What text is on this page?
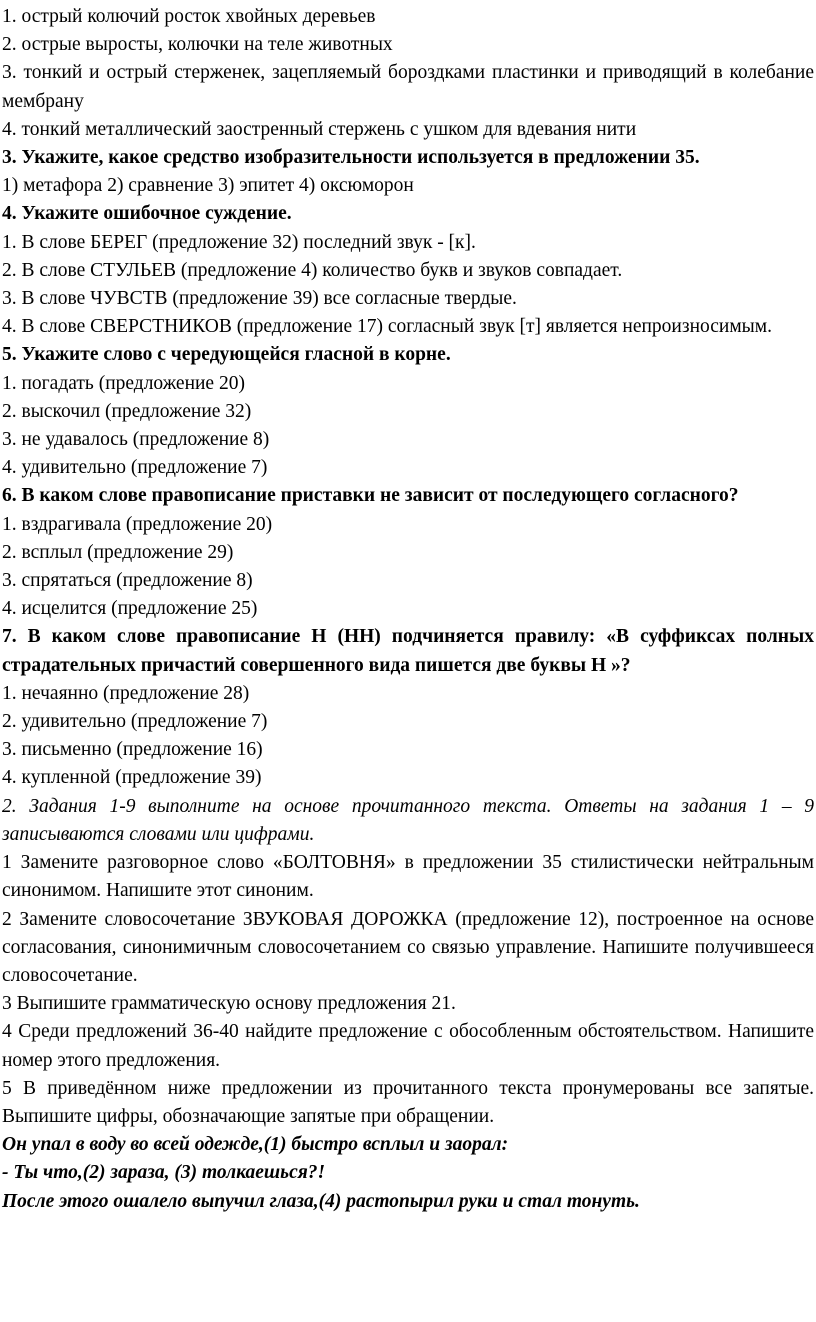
1. острый колючий росток хвойных деревьев

2. острые выросты, колючки на теле животных

3. тонкий и острый стерженек, зацепляемый бороздками пластинки и приводящий в колебание мембрану

4. тонкий металлический заостренный стержень с ушком для вдевания нити

3. Укажите, какое средство изобразительности используется в предложении 35.

1) метафора 2) сравнение 3) эпитет 4) оксюморон

4. Укажите ошибочное суждение.

1. В слове БЕРЕГ (предложение 32) последний звук - [к].

2. В слове СТУЛЬЕВ (предложение 4) количество букв и звуков совпадает.

3. В слове ЧУВСТВ (предложение 39) все согласные твердые.

4. В слове СВЕРСТНИКОВ (предложение 17) согласный звук [т] является непроизносимым.

5. Укажите слово с чередующейся гласной в корне.

1. погадать (предложение 20)

2. выскочил (предложение 32)

3. не удавалось (предложение 8)

4. удивительно (предложение 7)

6. В каком слове правописание приставки не зависит от последующего согласного?

1. вздрагивала (предложение 20)

2. всплыл (предложение 29)

3. спрятаться (предложение 8)

4. исцелится (предложение 25)

7. В каком слове правописание Н (НН) подчиняется правилу: «В суффиксах полных страдательных причастий совершенного вида пишется две буквы Н »?

1. нечаянно (предложение 28)

2. удивительно (предложение 7)

3. письменно (предложение 16)

4. купленной (предложение 39)

2. Задания 1-9 выполните на основе прочитанного текста. Ответы на задания 1 – 9 записываются словами или цифрами.

1 Замените разговорное слово «БОЛТОВНЯ» в предложении 35 стилистически нейтральным синонимом. Напишите этот синоним.

2 Замените словосочетание ЗВУКОВАЯ ДОРОЖКА (предложение 12), построенное на основе согласования, синонимичным словосочетанием со связью управление. Напишите получившееся словосочетание.

3 Выпишите грамматическую основу предложения 21.

4 Среди предложений 36-40 найдите предложение с обособленным обстоятельством. Напишите номер этого предложения.

5 В приведённом ниже предложении из прочитанного текста пронумерованы все запятые. Выпишите цифры, обозначающие запятые при обращении.

Он упал в воду во всей одежде,(1) быстро всплыл и заорал:

- Ты что,(2) зараза, (3) толкаешься?!

После этого ошалело выпучил глаза,(4) растопырил руки и стал тонуть.
